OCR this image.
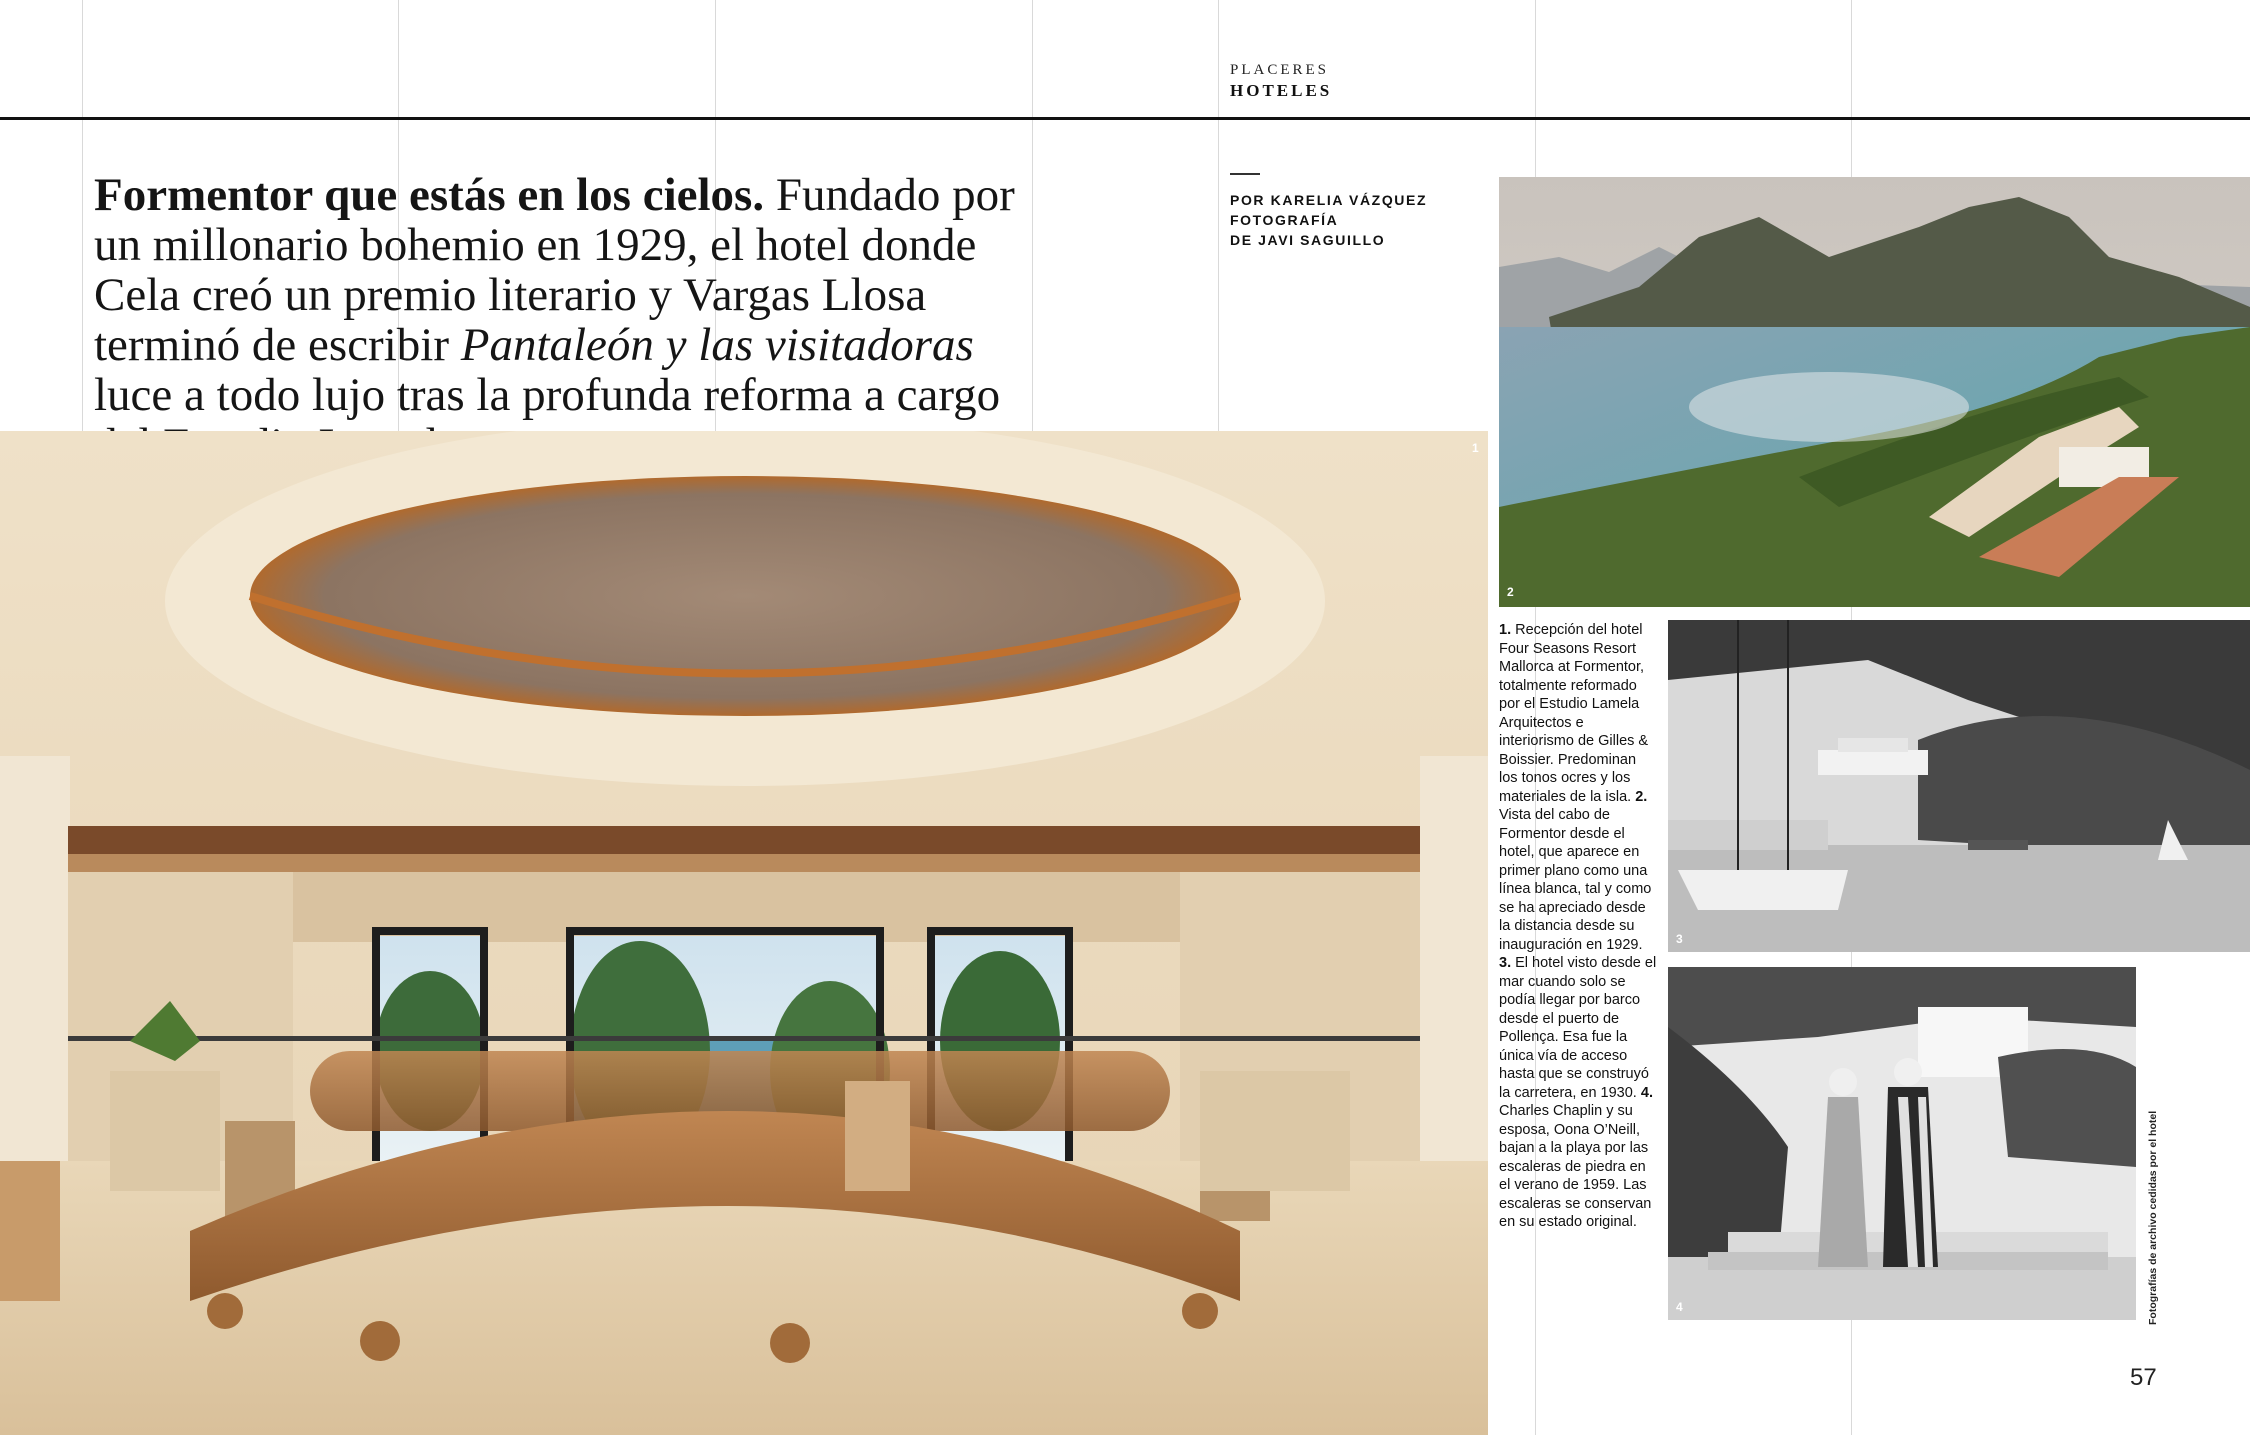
PLACERES
HOTELES
Formentor que estás en los cielos. Fundado por un millonario bohemio en 1929, el hotel donde Cela creó un premio literario y Vargas Llosa terminó de escribir Pantaleón y las visitadoras luce a todo lujo tras la profunda reforma a cargo
POR KARELIA VÁZQUEZ
FOTOGRAFÍA
DE JAVI SAGUILLO
1
2
1. Recepción del hotel Four Seasons Resort Mallorca at Formentor, totalmente reformado por el Estudio Lamela Arquitectos e interiorismo de Gilles & Boissier. Predominan los tonos ocres y los materiales de la isla. 2. Vista del cabo de Formentor desde el hotel, que aparece en primer plano como una línea blanca, tal y como se ha apreciado desde la distancia desde su inauguración en 1929. 3. El hotel visto desde el mar cuando solo se podía llegar por barco desde el puerto de Pollença. Esa fue la única vía de acceso hasta que se construyó la carretera, en 1930. 4. Charles Chaplin y su esposa, Oona O’Neill, bajan a la playa por las escaleras de piedra en el verano de 1959. Las escaleras se conservan en su estado original.
3
4	Fotografías de archivo cedidas por el hotel
57
